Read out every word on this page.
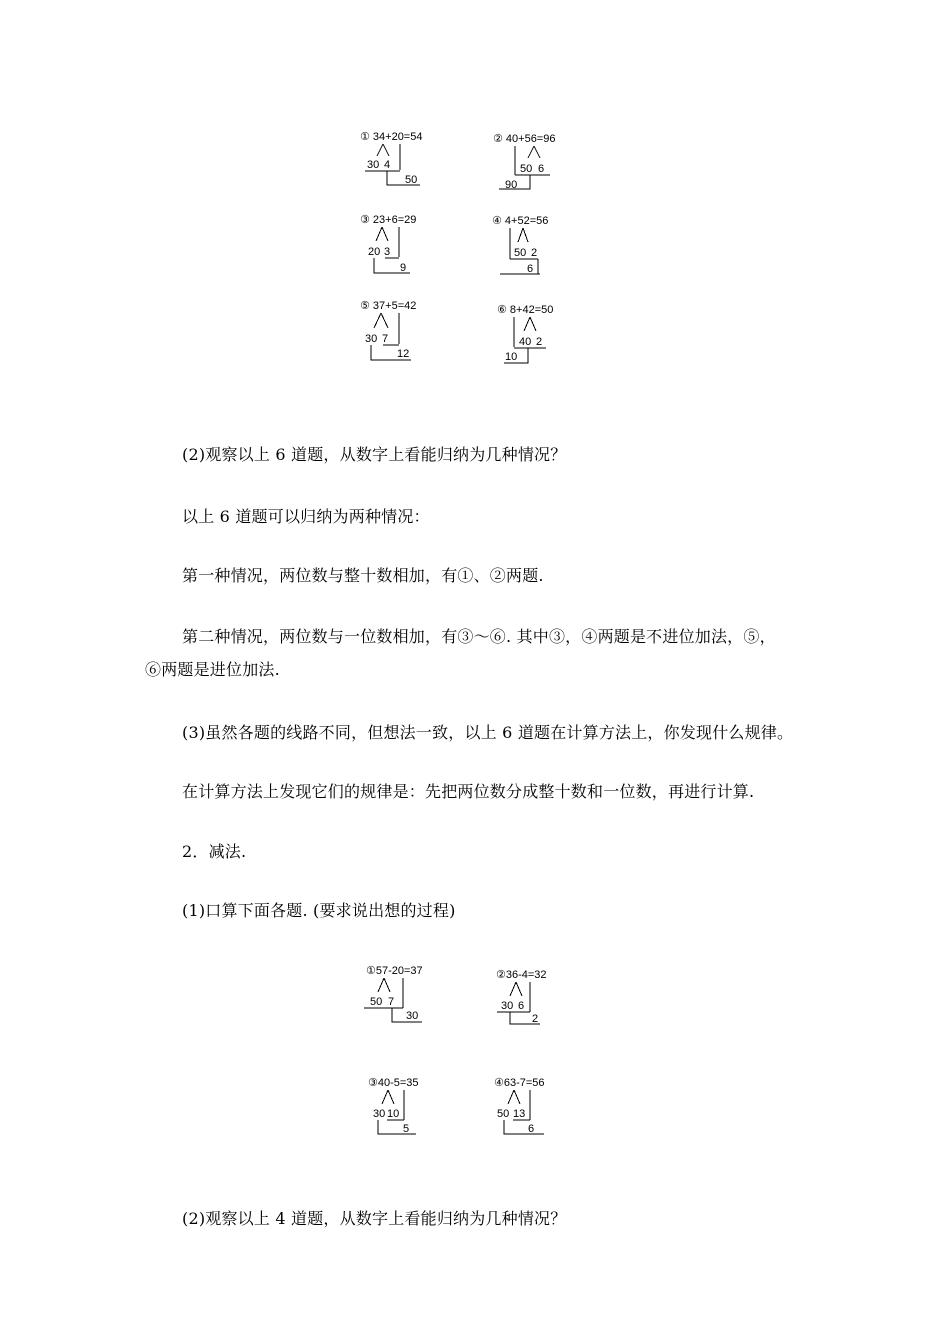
① 34+20=54
30 4
50
② 40+56=96
50 6
90
③ 23+6=29
20 3
9
④ 4+52=56
50 2
6
⑤ 37+5=42
30 7
12
⑥ 8+42=50
40 2
10
(2)观察以上 6 道题，从数字上看能归纳为几种情况？
以上 6 道题可以归纳为两种情况：
第一种情况，两位数与整十数相加，有①、②两题.
第二种情况，两位数与一位数相加，有③～⑥. 其中③，④两题是不进位加法，⑤，
⑥两题是进位加法.
(3)虽然各题的线路不同，但想法一致，以上 6 道题在计算方法上，你发现什么规律。
在计算方法上发现它们的规律是：先把两位数分成整十数和一位数，再进行计算.
2．减法.
(1)口算下面各题. (要求说出想的过程)
①57-20=37
50 7
30
②36-4=32
30 6
2
③40-5=35
30 10
5
④63-7=56
50 13
6
(2)观察以上 4 道题，从数字上看能归纳为几种情况？
